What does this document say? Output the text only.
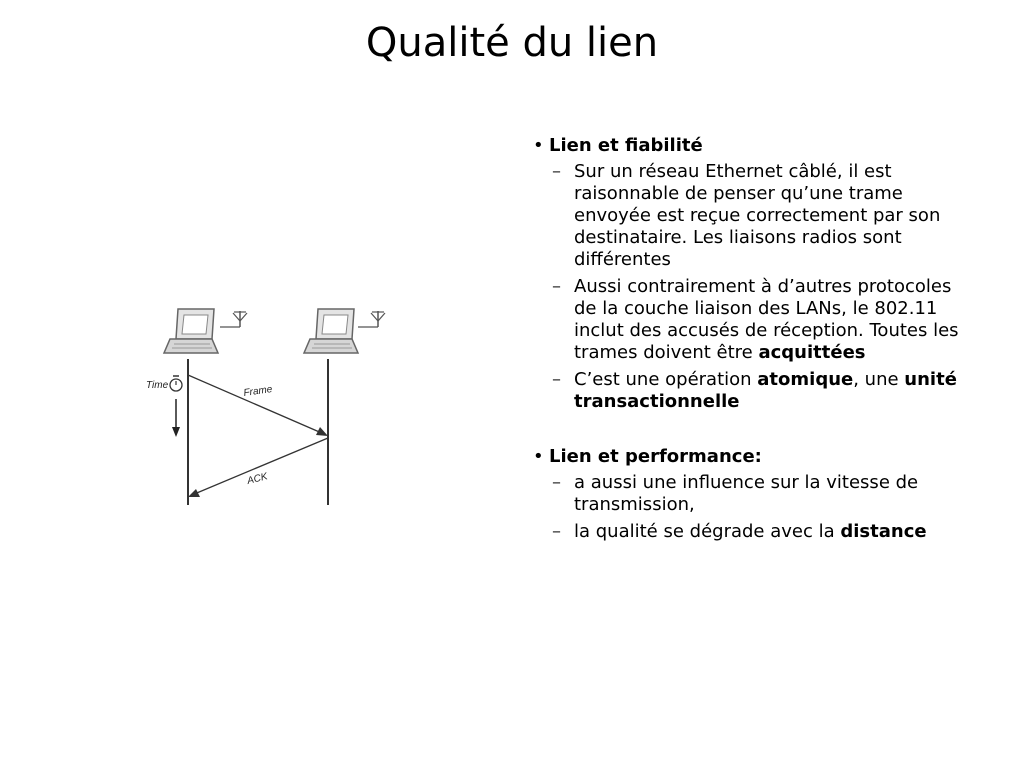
Qualité du lien
Time	Frame
ACK
• Lien et fiabilité
– Sur un réseau Ethernet câblé, il est raisonnable de penser qu’une trame envoyée est reçue correctement par son destinataire. Les liaisons radios sont différentes
– Aussi contrairement à d’autres protocoles de la couche liaison des LANs, le 802.11 inclut des accusés de réception. Toutes les trames doivent être acquittées
– C’est une opération atomique, une unité transactionnelle
• Lien et performance:
– a aussi une influence sur la vitesse de transmission,
– la qualité se dégrade avec la distance
